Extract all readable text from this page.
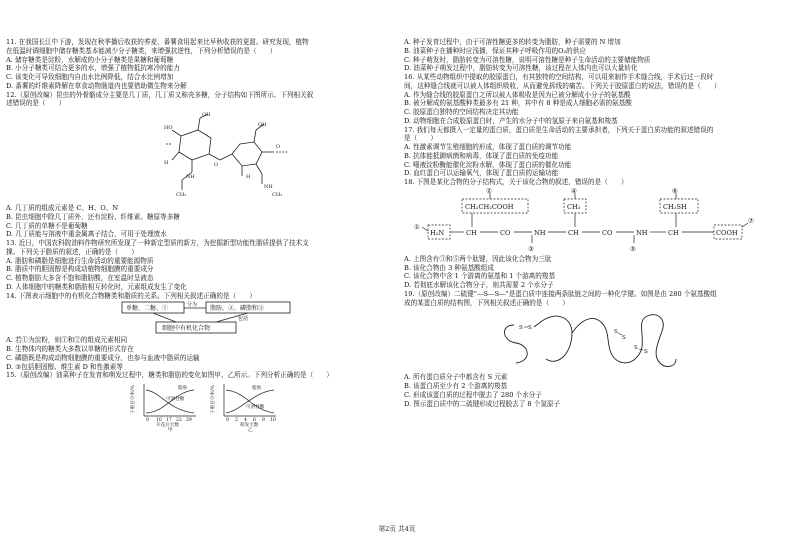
11. 在我国长江中下游，发现在秋季播后收获的荞麦、番薯食用起来比早秋收获的更甜。研究发现，植物
在低温时调细胞中储存糖类基本能减少分子糖类，来增强抗逆性，下列分析错误的是（　　）
A. 储存糖类是淀粉，水解成的小分子糖类是果糖和葡萄糖
B. 小分子糖类可结合更多的水，增强了植物抵抗寒冷的能力
C. 该变化可导致细胞内自由水比例降低，结合水比例增加
D. 番薯的纤维素降解在草食动物肠道内也要借助微生物来分解
12.（原创改编）昆虫的外骨骼成分主要是几丁质，几丁质又称壳多糖，分子结构如下图所示。下列相关叙
述错误的是（　　）
OH
HO
H
NH
CH₃
O
OH
H
NH
CH₃
O
A. 几丁质的组成元素是 C、H、O、N
B. 昆虫细胞中除几丁质外，还有淀粉、纤维素、糖原等多糖
C. 几丁质的单糖不是葡萄糖
D. 几丁质能与溶液中重金属离子结合，可用于处理废水
13. 近日，中国农科院油料作物研究所发现了一种新定型质的新方，为挖掘新型功能性脂质提供了技术支
撑。下列关于脂质的叙述，正确的是（　　）
A. 脂肪和磷脂是细胞进行生命活动的重要能源物质
B. 脂质中的胆固醇是构成动植物细胞膜的重要成分
C. 植物脂肪大多含不饱和脂肪酸，在室温时呈液态
D. 人体细胞中的糖类和脂肪相互转化时，元素组成发生了变化
14. 下图表示细胞中的有机化合物糖类和脂质的关系。下列相关叙述正确的是（　　）
单糖、二糖、①	脂肪、②、磷脂和③
细胞中有机化合物
分为
包括
A. 若①为淀粉，则①和②的组成元素相同
B. 生物体内的糖类大多数以单糖的形式存在
C. 磷脂既是构成动物细胞膜的重要成分，也参与血液中脂质的运输
D. ③包括胆固醇、维生素 D 和性激素等
15.（原创改编）油菜种子在发育和萌发过程中，糖类和脂肪的变化如图甲、乙所示。下列分析正确的是（　　）
干重百分率/%	可溶性糖
脂肪
0 10 17 22 29
开花后天数
甲
干重百分率/%	可溶性糖
脂肪
0 2 4 6 8 10
萌发天数
乙
A. 种子发育过程中，由于可溶性糖更多的转变为脂肪，种子需要的 N 增加
B. 油菜种子在播种时应浅播，保证其种子呼吸作用的O₂的供应
C. 种子萌发时，脂肪转变为可溶性糖，说明可溶性糖是种子生命活动的主要储能物质
D. 油菜种子萌发过程中，脂肪转变为可溶性糖，该过程在人体内也可以大量转化
16. 从某些动物组织中提取的胶原蛋白，有其独特的空间结构，可以用来制作手术缝合线，手术后过一段时
间，这种缝合线就可以被人体组织吸收，从而避免拆线的痛苦。下列关于胶原蛋白的说法，错误的是（　　）
A. 作为缝合线的胶原蛋白之所以被人体吸收是因为已被分解成小分子的氨基酸
B. 被分解成的氨基酸种类最多有 21 种，其中有 8 种是成人细胞必需的氨基酸
C. 胶原蛋白独特的空间结构决定其功能
D. 动物细胞在合成胶原蛋白时，产生的水分子中的氢原子来自氨基和羧基
17. 我们每天都摄入一定量的蛋白质，蛋白质是生命活动的主要承担者，下列关于蛋白质功能的叙述错误的
是（　　）
A. 性激素调节生殖细胞的形成，体现了蛋白质的调节功能
B. 抗体能抵御病菌和病毒，体现了蛋白质的免疫功能
C. 唾液淀粉酶能催化淀粉水解，体现了蛋白质的催化功能
D. 血红蛋白可以运输氧气，体现了蛋白质的运输功能
18. 下图是某化合物的分子结构式，关于该化合物的叙述，错误的是（　　）
H₂N
CH₂CH₂COOH	CH₃	CH₂SH
COOH
CH	CO	NH	CH	CO	NH	CH
①
②
③
④
⑤
⑥
⑦
A. 上图含有③和⑤两个肽键，因此该化合物为三肽
B. 该化合物由 3 种氨基酸组成
C. 该化合物中含 1 个游离的氨基和 1 个游离的羧基
D. 若彻底水解该化合物分子，则共需要 2 个水分子
19.（原创改编）二硫键"—S—S—"是蛋白质中连接两条肽链之间的一种化学键。如图是由 280 个氨基酸组
成的某蛋白质的结构图，下列相关叙述正确的是（　　）
S S
S
S
S
S
A. 所有蛋白质分子中都含有 S 元素
B. 该蛋白质至少有 2 个游离的羧基
C. 形成该蛋白质的过程中脱去了 280 个水分子
D. 图示蛋白质中的二硫键形成过程脱去了 8 个氢原子
第2页 共4页
